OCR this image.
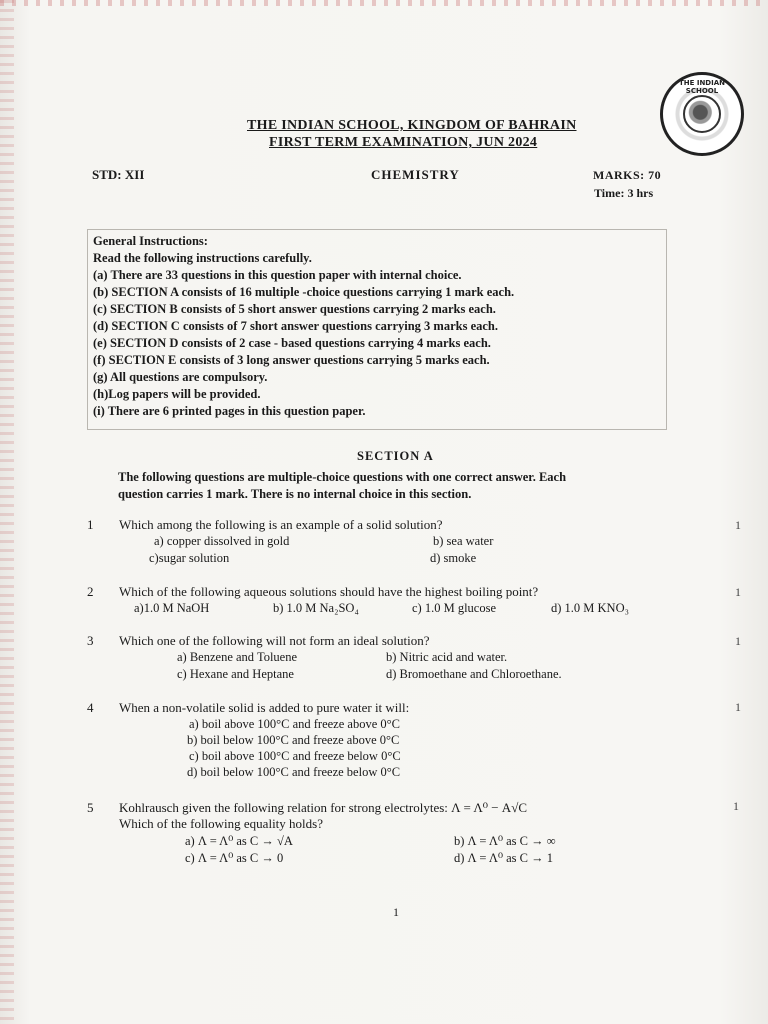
THE INDIAN SCHOOL, KINGDOM OF BAHRAIN
FIRST TERM EXAMINATION, JUN 2024
THE INDIAN SCHOOL
STD: XII	CHEMISTRY	MARKS: 70
Time: 3 hrs
General Instructions:
Read the following instructions carefully.
(a) There are 33 questions in this question paper with internal choice.
(b) SECTION A consists of 16 multiple -choice questions carrying 1 mark each.
(c) SECTION B consists of 5 short answer questions carrying 2 marks each.
(d) SECTION C consists of 7 short answer questions carrying 3 marks each.
(e) SECTION D consists of 2 case - based questions carrying 4 marks each.
(f) SECTION E consists of 3 long answer questions carrying 5 marks each.
(g) All questions are compulsory.
(h)Log papers will be provided.
(i) There are 6 printed pages in this question paper.
SECTION A
The following questions are multiple-choice questions with one correct answer. Each
question carries 1 mark. There is no internal choice in this section.
1 Which among the following is an example of a solid solution?	1
a) copper dissolved in gold	b) sea water
c)sugar solution	d) smoke
2 Which of the following aqueous solutions should have the highest boiling point?	1
a)1.0 M NaOH	b) 1.0 M Na₂SO₄	c) 1.0 M glucose	d) 1.0 M KNO₃
3 Which one of the following will not form an ideal solution?	1
a) Benzene and Toluene	b) Nitric acid and water.
c) Hexane and Heptane	d) Bromoethane and Chloroethane.
4 When a non-volatile solid is added to pure water it will:	1
a) boil above 100°C and freeze above 0°C
b) boil below 100°C and freeze above 0°C
c) boil above 100°C and freeze below 0°C
d) boil below 100°C and freeze below 0°C
5 Kohlrausch given the following relation for strong electrolytes: Λ = Λ⁰ − A√C	1
Which of the following equality holds?
a) Λ = Λ⁰ as C → √A	b) Λ = Λ⁰ as C → ∞
c) Λ = Λ⁰ as C → 0	d) Λ = Λ⁰ as C → 1
1
